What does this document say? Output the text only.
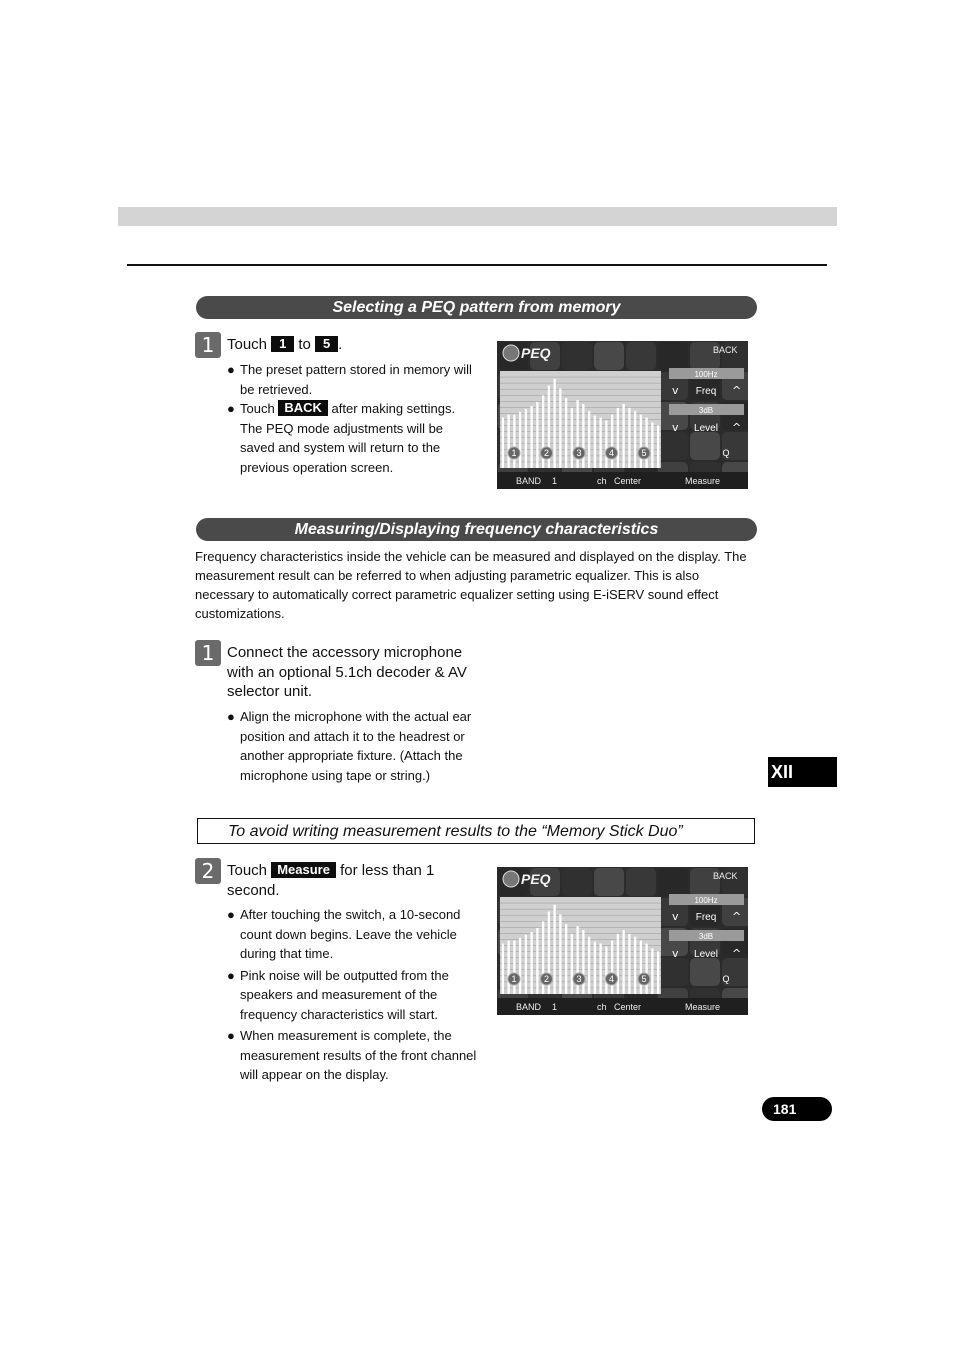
Selecting a PEQ pattern from memory
1 Touch 1 to 5 .
● The preset pattern stored in memory will be retrieved.
● Touch BACK after making settings. The PEQ mode adjustments will be saved and system will return to the previous operation screen.
PEQ	BACK
100Hz
v Freq ^
3dB
v Level ^
1	2	3	4	5	Q
BAND 1	ch Center	Measure
Measuring/Displaying frequency characteristics
Frequency characteristics inside the vehicle can be measured and displayed on the display. The measurement result can be referred to when adjusting parametric equalizer. This is also necessary to automatically correct parametric equalizer setting using E-iSERV sound effect customizations.
1 Connect the accessory microphone with an optional 5.1ch decoder & AV selector unit.
● Align the microphone with the actual ear position and attach it to the headrest or another appropriate fixture. (Attach the microphone using tape or string.)
To avoid writing measurement results to the “Memory Stick Duo”
2 Touch Measure for less than 1 second.
● After touching the switch, a 10-second count down begins. Leave the vehicle during that time.
● Pink noise will be outputted from the speakers and measurement of the frequency characteristics will start.
● When measurement is complete, the measurement results of the front channel will appear on the display.
PEQ	BACK
100Hz
v Freq ^
3dB
v Level ^
1	2	3	4	5	Q
BAND 1	ch Center	Measure
XII
181
